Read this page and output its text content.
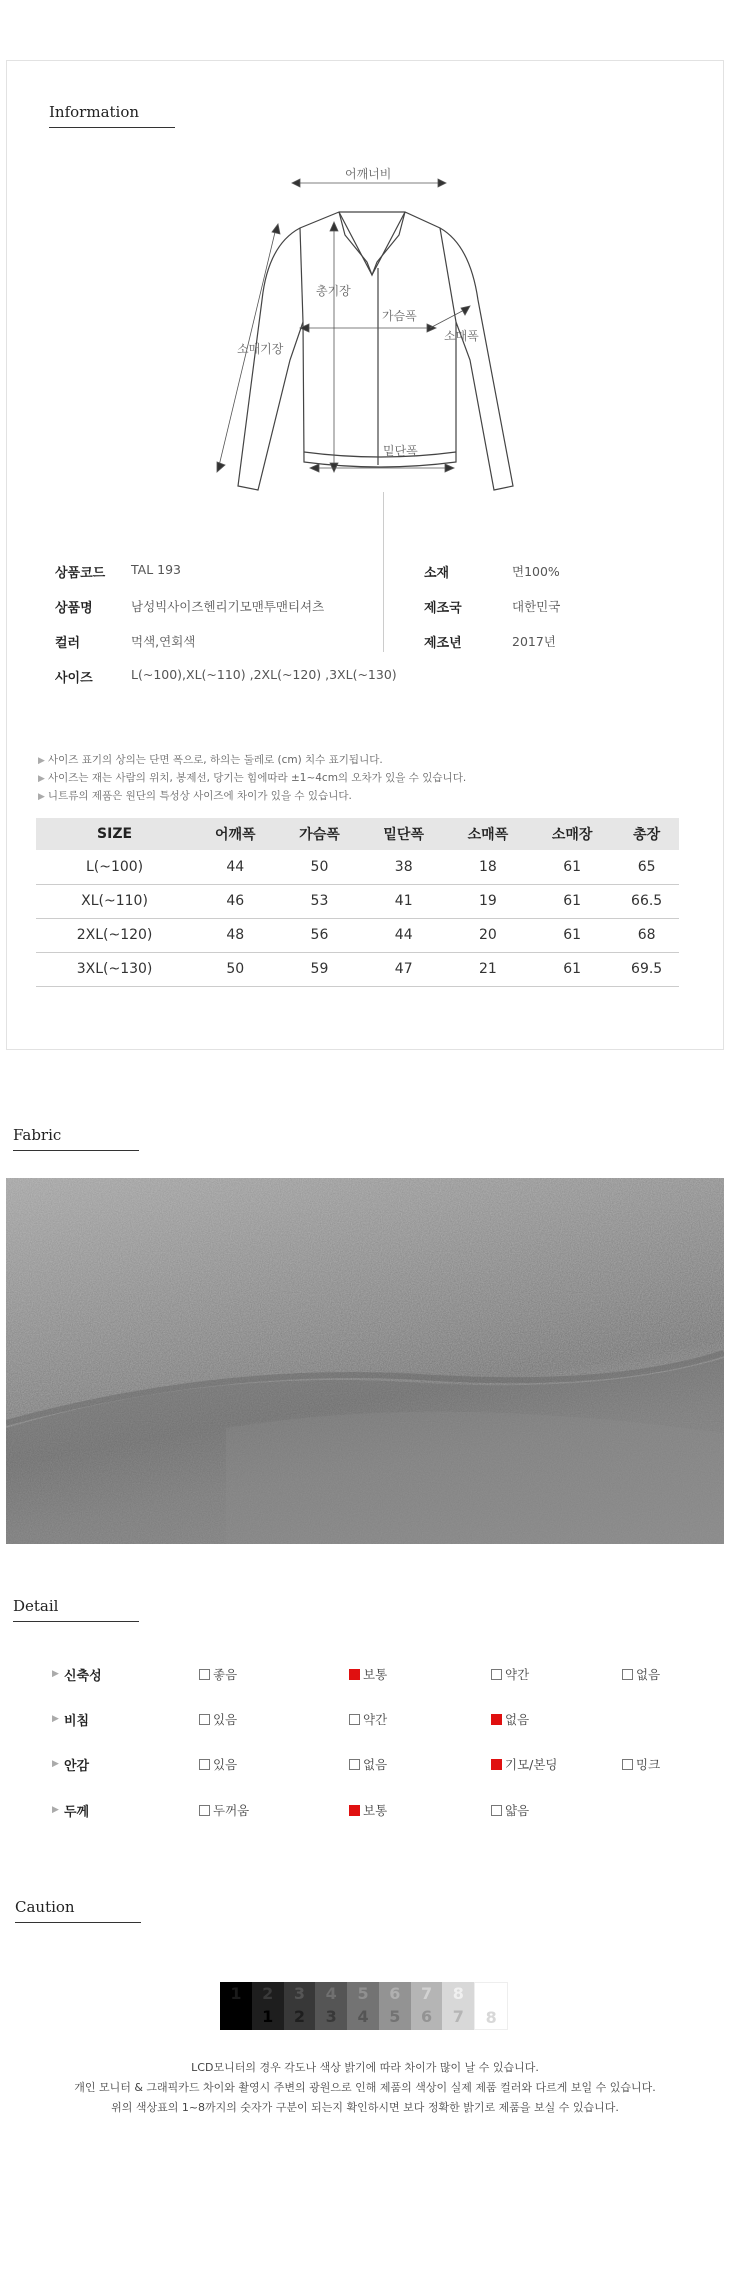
Information
어깨너비
총기장
가슴폭
소매폭
소매기장
밑단폭
상품코드 TAL 193
상품명	남성빅사이즈헨리기모맨투맨티셔츠
컬러	먹색,연회색
사이즈	L(~100),XL(~110) ,2XL(~120) ,3XL(~130)
소재	면100%
제조국	대한민국
제조년	2017년
▶ 사이즈 표기의 상의는 단면 폭으로, 하의는 둘레로 (cm) 치수 표기됩니다.
▶ 사이즈는 재는 사람의 위치, 봉제선, 당기는 힘에따라 ±1~4cm의 오차가 있을 수 있습니다.
▶ 니트류의 제품은 원단의 특성상 사이즈에 차이가 있을 수 있습니다.
SIZE	어깨폭	가슴폭	밑단폭	소매폭	소매장	총장
L(~100)	44	50	38	18	61	65
XL(~110)	46	53	41	19	61	66.5
2XL(~120)	48	56	44	20	61	68
3XL(~130)	50	59	47	21	61	69.5
Fabric
Detail
▶ 신축성	좋음	보통	약간	없음
▶ 비침	있음	약간	없음
▶ 안감	있음	없음	기모/본딩	밍크
▶ 두께	두꺼움	보통	얇음
Caution
1	2
1
3
2
4
3
5
4
6
5
7
6
8
7	8
LCD모니터의 경우 각도나 색상 밝기에 따라 차이가 많이 날 수 있습니다.
개인 모니터 & 그래픽카드 차이와 촬영시 주변의 광원으로 인해 제품의 색상이 실제 제품 컬러와 다르게 보일 수 있습니다.
위의 색상표의 1~8까지의 숫자가 구분이 되는지 확인하시면 보다 정확한 밝기로 제품을 보실 수 있습니다.
